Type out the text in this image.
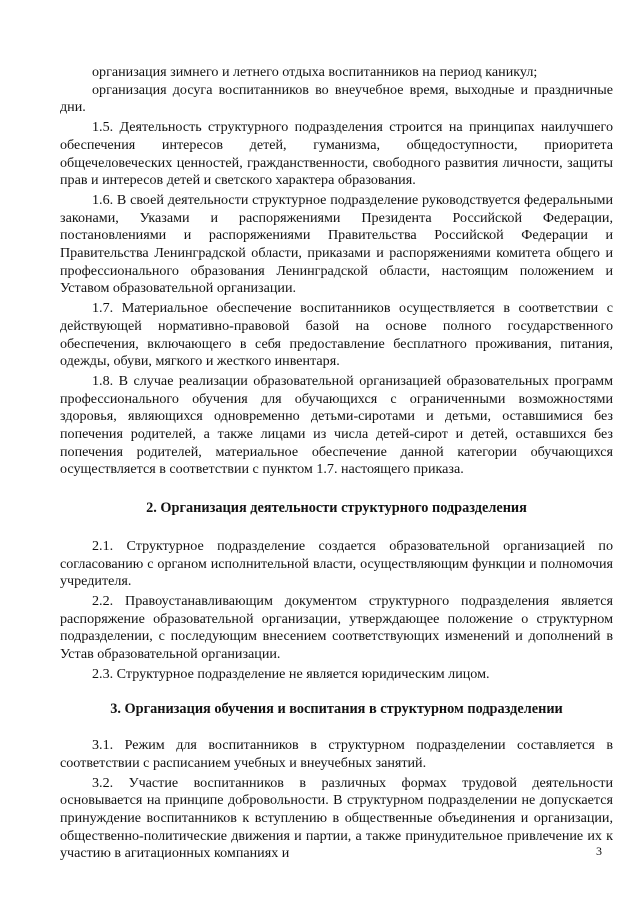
организация зимнего и летнего отдыха воспитанников на период каникул;

организация досуга воспитанников во внеучебное время, выходные и праздничные дни.

1.5. Деятельность структурного подразделения строится на принципах наилучшего обеспечения интересов детей, гуманизма, общедоступности, приоритета общечеловеческих ценностей, гражданственности, свободного развития личности, защиты прав и интересов детей и светского характера образования.

1.6. В своей деятельности структурное подразделение руководствуется федеральными законами, Указами и распоряжениями Президента Российской Федерации, постановлениями и распоряжениями Правительства Российской Федерации и Правительства Ленинградской области, приказами и распоряжениями комитета общего и профессионального образования Ленинградской области, настоящим положением и Уставом образовательной организации.

1.7. Материальное обеспечение воспитанников осуществляется в соответствии с действующей нормативно-правовой базой на основе полного государственного обеспечения, включающего в себя предоставление бесплатного проживания, питания, одежды, обуви, мягкого и жесткого инвентаря.

1.8. В случае реализации образовательной организацией образовательных программ профессионального обучения для обучающихся с ограниченными возможностями здоровья, являющихся одновременно детьми-сиротами и детьми, оставшимися без попечения родителей, а также лицами из числа детей-сирот и детей, оставшихся без попечения родителей, материальное обеспечение данной категории обучающихся осуществляется в соответствии с пунктом 1.7. настоящего приказа.

2. Организация деятельности структурного подразделения

2.1. Структурное подразделение создается образовательной организацией по согласованию с органом исполнительной власти, осуществляющим функции и полномочия учредителя.

2.2. Правоустанавливающим документом структурного подразделения является распоряжение образовательной организации, утверждающее положение о структурном подразделении, с последующим внесением соответствующих изменений и дополнений в Устав образовательной организации.

2.3. Структурное подразделение не является юридическим лицом.

3. Организация обучения и воспитания в структурном подразделении

3.1. Режим для воспитанников в структурном подразделении составляется в соответствии с расписанием учебных и внеучебных занятий.

3.2. Участие воспитанников в различных формах трудовой деятельности основывается на принципе добровольности. В структурном подразделении не допускается принуждение воспитанников к вступлению в общественные объединения и организации, общественно-политические движения и партии, а также принудительное привлечение их к участию в агитационных компаниях и	3
